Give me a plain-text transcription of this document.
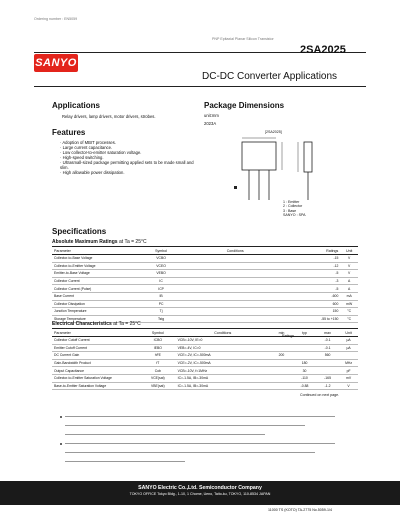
Ordering number : EN5059
PNP Epitaxial Planar Silicon Transistor
SANYO
2SA2025
DC-DC Converter Applications
Applications
Relay drivers, lamp drivers, motor drivers, strobes.
Features
· Adoption of MBIT processes.
· Large current capacitance.
· Low collector-to-emitter saturation voltage.
· High-speed switching.
· Ultrasmall-sized package permitting applied sets to be made small and slim.
· High allowable power dissipation.
Package Dimensions
unit:mm
2023A
[2SA2025]
1 : Emitter
2 : Collector
3 : Base
SANYO : SPA
Specifications
Absolute Maximum Ratings at Ta = 25°C
Parameter	Symbol	Conditions	Ratings	Unit
Collector-to-Base Voltage	VCBO		-15	V
Collector-to-Emitter Voltage	VCEO		-12	V
Emitter-to-Base Voltage	VEBO		-5	V
Collector Current	IC		-3	A
Collector Current (Pulse)	ICP		-5	A
Base Current	IB		-600	mA
Collector Dissipation	PC		600	mW
Junction Temperature	Tj		150	°C
Storage Temperature	Tstg		-55 to +150	°C
Electrical Characteristics at Ta = 25°C
Parameter	Symbol	Conditions	min	typ	max	Unit
Collector Cutoff Current	ICBO	VCB=-10V, IE=0			-0.1	μA
Emitter Cutoff Current	IEBO	VEB=-4V, IC=0			-0.1	μA
DC Current Gain	hFE	VCE=-2V, IC=-500mA	200		560	
Gain-Bandwidth Product	fT	VCE=-2V, IC=-500mA		180		MHz
Output Capacitance	Cob	VCB=-10V, f=1MHz		30		pF
Collector-to-Emitter Saturation Voltage	VCE(sat)	IC=-1.5A, IB=-30mA		-110	-165	mV
Base-to-Emitter Saturation Voltage	VBE(sat)	IC=-1.5A, IB=-30mA		-0.88	-1.2	V
Ratings
Continued on next page.
SANYO Electric Co.,Ltd. Semiconductor Company
TOKYO OFFICE Tokyo Bldg., 1-10, 1 Chome, Ueno, Taito-ku, TOKYO, 110-8534 JAPAN
11000 TS (KOTO) TA-2775 No.5059-1/4
